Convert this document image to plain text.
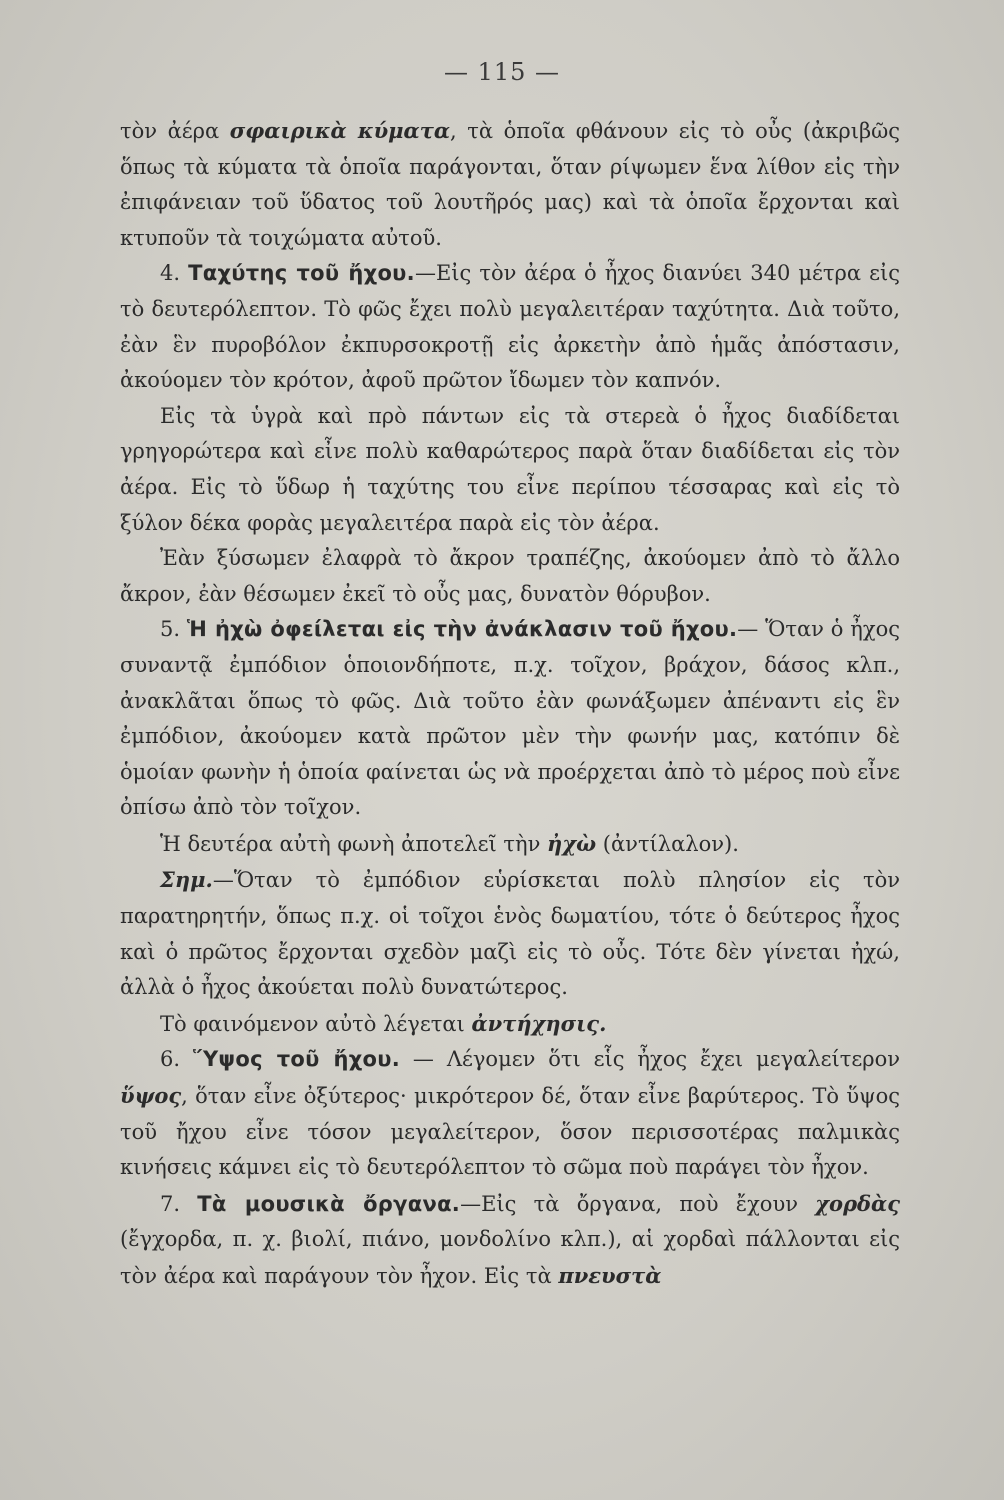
— 115 —

τὸν ἀέρα σφαιρικὰ κύματα, τὰ ὁποῖα φθάνουν εἰς τὸ οὖς (ἀκριβῶς ὅπως τὰ κύματα τὰ ὁποῖα παράγονται, ὅταν ρίψωμεν ἕνα λίθον εἰς τὴν ἐπιφάνειαν τοῦ ὕδατος τοῦ λουτῆρός μας) καὶ τὰ ὁποῖα ἔρχονται καὶ κτυποῦν τὰ τοιχώματα αὐτοῦ.

4. Ταχύτης τοῦ ἤχου.—Εἰς τὸν ἀέρα ὁ ἦχος διανύει 340 μέτρα εἰς τὸ δευτερόλεπτον. Τὸ φῶς ἔχει πολὺ μεγαλειτέραν ταχύτητα. Διὰ τοῦτο, ἐὰν ἓν πυροβόλον ἐκπυρσοκροτῇ εἰς ἀρκετὴν ἀπὸ ἡμᾶς ἀπόστασιν, ἀκούομεν τὸν κρότον, ἀφοῦ πρῶτον ἴδωμεν τὸν καπνόν.

Εἰς τὰ ὑγρὰ καὶ πρὸ πάντων εἰς τὰ στερεὰ ὁ ἦχος διαδίδεται γρηγορώτερα καὶ εἶνε πολὺ καθαρώτερος παρὰ ὅταν διαδίδεται εἰς τὸν ἀέρα. Εἰς τὸ ὕδωρ ἡ ταχύτης του εἶνε περίπου τέσσαρας καὶ εἰς τὸ ξύλον δέκα φορὰς μεγαλειτέρα παρὰ εἰς τὸν ἀέρα.

Ἐὰν ξύσωμεν ἐλαφρὰ τὸ ἄκρον τραπέζης, ἀκούομεν ἀπὸ τὸ ἄλλο ἄκρον, ἐὰν θέσωμεν ἐκεῖ τὸ οὖς μας, δυνατὸν θόρυβον.

5. Ἡ ἠχὼ ὀφείλεται εἰς τὴν ἀνάκλασιν τοῦ ἤχου.— Ὅταν ὁ ἦχος συναντᾷ ἐμπόδιον ὁποιονδήποτε, π.χ. τοῖχον, βράχον, δάσος κλπ., ἀνακλᾶται ὅπως τὸ φῶς. Διὰ τοῦτο ἐὰν φωνάξωμεν ἀπέναντι εἰς ἓν ἐμπόδιον, ἀκούομεν κατὰ πρῶτον μὲν τὴν φωνήν μας, κατόπιν δὲ ὁμοίαν φωνὴν ἡ ὁποία φαίνεται ὡς νὰ προέρχεται ἀπὸ τὸ μέρος ποὺ εἶνε ὀπίσω ἀπὸ τὸν τοῖχον.

Ἡ δευτέρα αὐτὴ φωνὴ ἀποτελεῖ τὴν ἠχὼ (ἀντίλαλον).

Σημ.—Ὅταν τὸ ἐμπόδιον εὑρίσκεται πολὺ πλησίον εἰς τὸν παρατηρητήν, ὅπως π.χ. οἱ τοῖχοι ἑνὸς δωματίου, τότε ὁ δεύτερος ἦχος καὶ ὁ πρῶτος ἔρχονται σχεδὸν μαζὶ εἰς τὸ οὖς. Τότε δὲν γίνεται ἠχώ, ἀλλὰ ὁ ἦχος ἀκούεται πολὺ δυνατώτερος.

Τὸ φαινόμενον αὐτὸ λέγεται ἀντήχησις.

6. Ὕψος τοῦ ἤχου. — Λέγομεν ὅτι εἷς ἦχος ἔχει μεγαλείτερον ὕψος, ὅταν εἶνε ὀξύτερος· μικρότερον δέ, ὅταν εἶνε βαρύτερος. Τὸ ὕψος τοῦ ἤχου εἶνε τόσον μεγαλείτερον, ὅσον περισσοτέρας παλμικὰς κινήσεις κάμνει εἰς τὸ δευτερόλεπτον τὸ σῶμα ποὺ παράγει τὸν ἦχον.

7. Τὰ μουσικὰ ὄργανα.—Εἰς τὰ ὄργανα, ποὺ ἔχουν χορδὰς (ἔγχορδα, π. χ. βιολί, πιάνο, μονδολίνο κλπ.), αἱ χορδαὶ πάλλονται εἰς τὸν ἀέρα καὶ παράγουν τὸν ἦχον. Εἰς τὰ πνευστὰ
